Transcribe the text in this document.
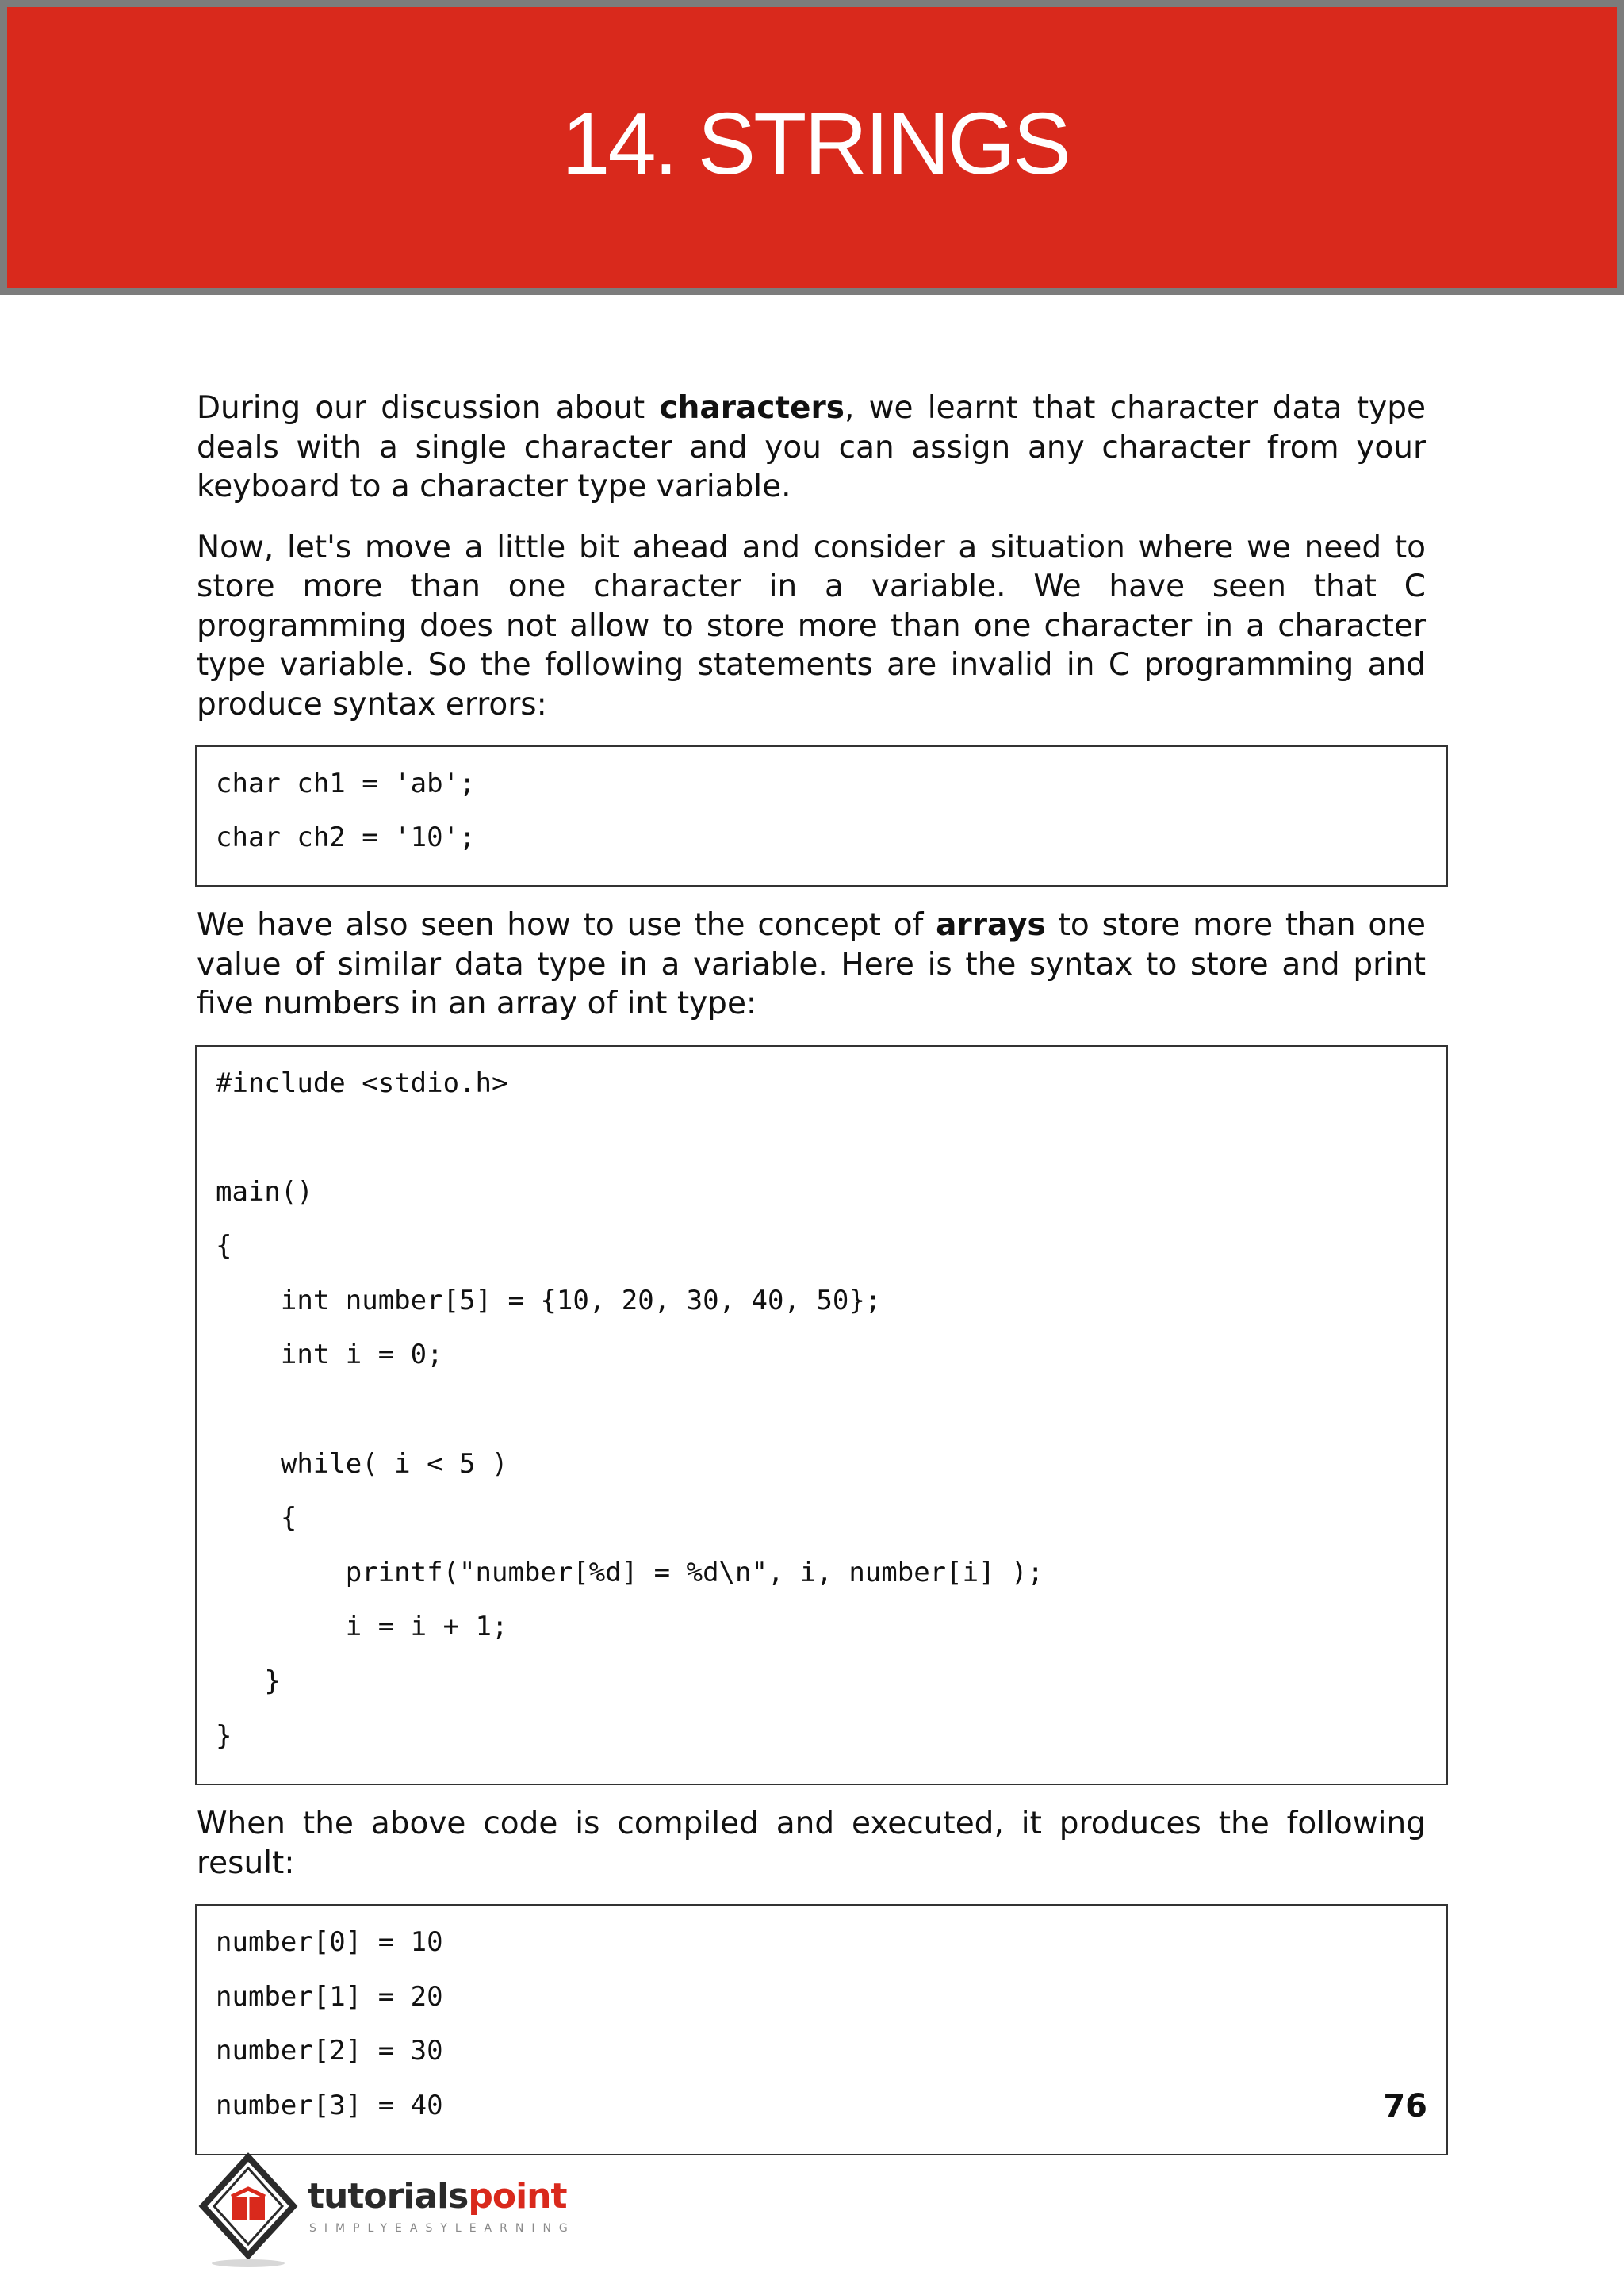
14. STRINGS

During our discussion about characters, we learnt that character data type deals with a single character and you can assign any character from your keyboard to a character type variable.

Now, let's move a little bit ahead and consider a situation where we need to store more than one character in a variable. We have seen that C programming does not allow to store more than one character in a character type variable. So the following statements are invalid in C programming and produce syntax errors:

char ch1 = 'ab';
char ch2 = '10';

We have also seen how to use the concept of arrays to store more than one value of similar data type in a variable. Here is the syntax to store and print five numbers in an array of int type:

#include <stdio.h>
main()
{
int number[5] = {10, 20, 30, 40, 50};
int i = 0;
while( i < 5 )
{
printf("number[%d] = %d\n", i, number[i] );
i = i + 1;
}
}

When the above code is compiled and executed, it produces the following result:

number[0] = 10
number[1] = 20
number[2] = 30
number[3] = 40	76
tutorialspoint
SIMPLYEASYLEARNING
